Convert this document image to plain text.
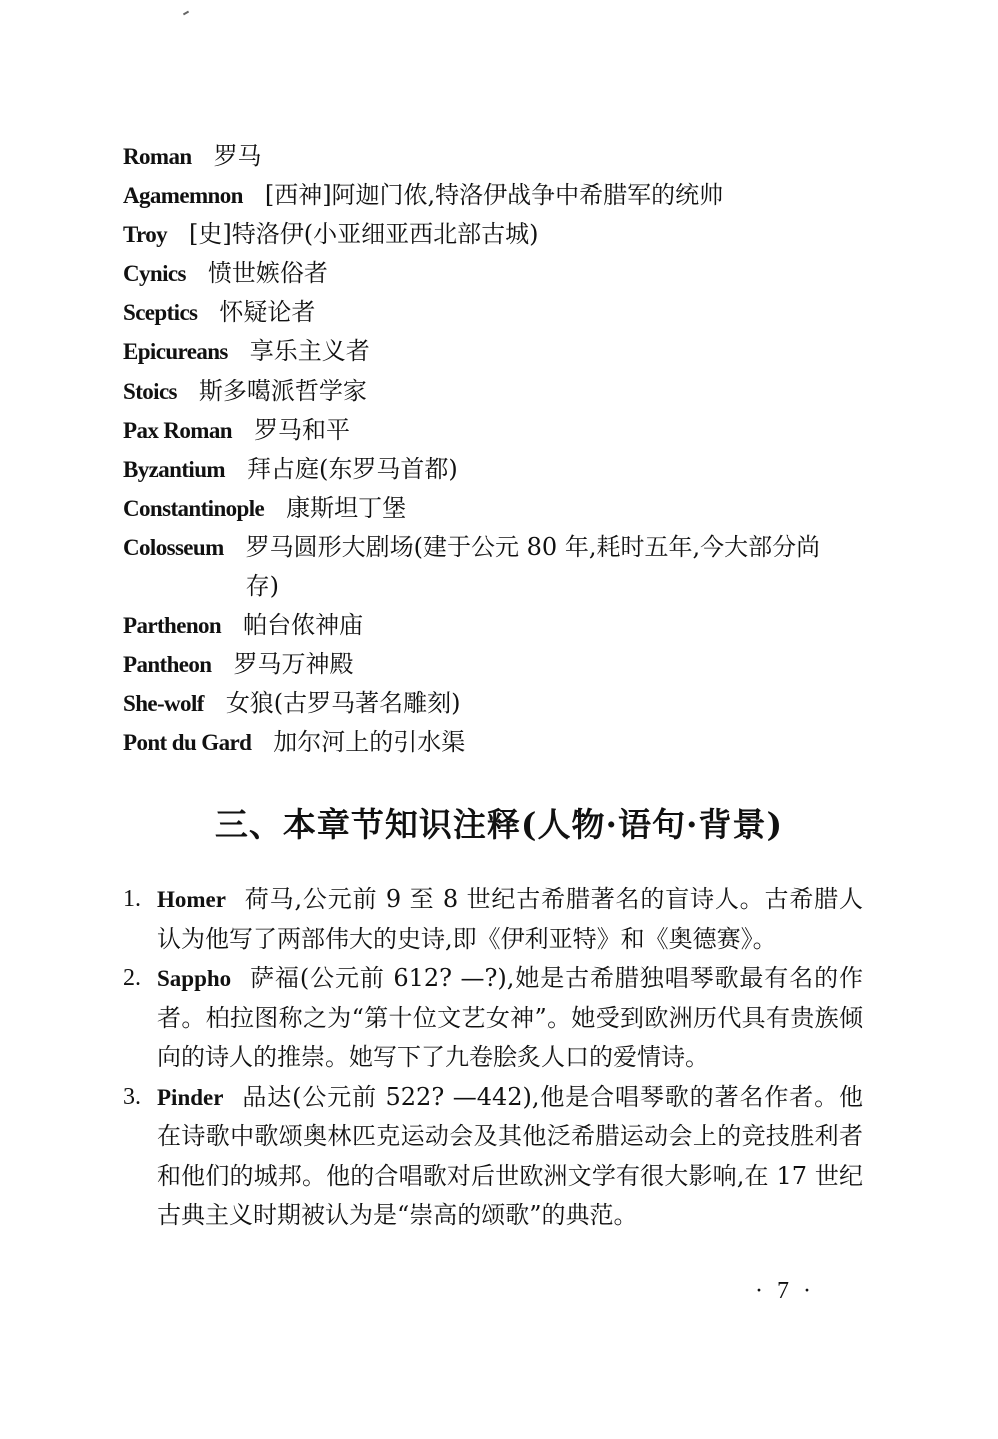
Roman 罗马
Agamemnon [西神]阿迦门侬,特洛伊战争中希腊军的统帅
Troy [史]特洛伊(小亚细亚西北部古城)
Cynics 愤世嫉俗者
Sceptics 怀疑论者
Epicureans 享乐主义者
Stoics 斯多噶派哲学家
Pax Roman 罗马和平
Byzantium 拜占庭(东罗马首都)
Constantinople 康斯坦丁堡
Colosseum 罗马圆形大剧场(建于公元 80 年,耗时五年,今大部分尚存)
Parthenon 帕台侬神庙
Pantheon 罗马万神殿
She-wolf 女狼(古罗马著名雕刻)
Pont du Gard 加尔河上的引水渠
三、本章节知识注释(人物·语句·背景)
1. Homer 荷马,公元前 9 至 8 世纪古希腊著名的盲诗人。古希腊人认为他写了两部伟大的史诗,即《伊利亚特》和《奥德赛》。
2. Sappho 萨福(公元前 612? —?),她是古希腊独唱琴歌最有名的作者。柏拉图称之为“第十位文艺女神”。她受到欧洲历代具有贵族倾向的诗人的推崇。她写下了九卷脍炙人口的爱情诗。
3. Pinder 品达(公元前 522? —442),他是合唱琴歌的著名作者。他在诗歌中歌颂奥林匹克运动会及其他泛希腊运动会上的竞技胜利者和他们的城邦。他的合唱歌对后世欧洲文学有很大影响,在 17 世纪古典主义时期被认为是“崇高的颂歌”的典范。
· 7 ·
